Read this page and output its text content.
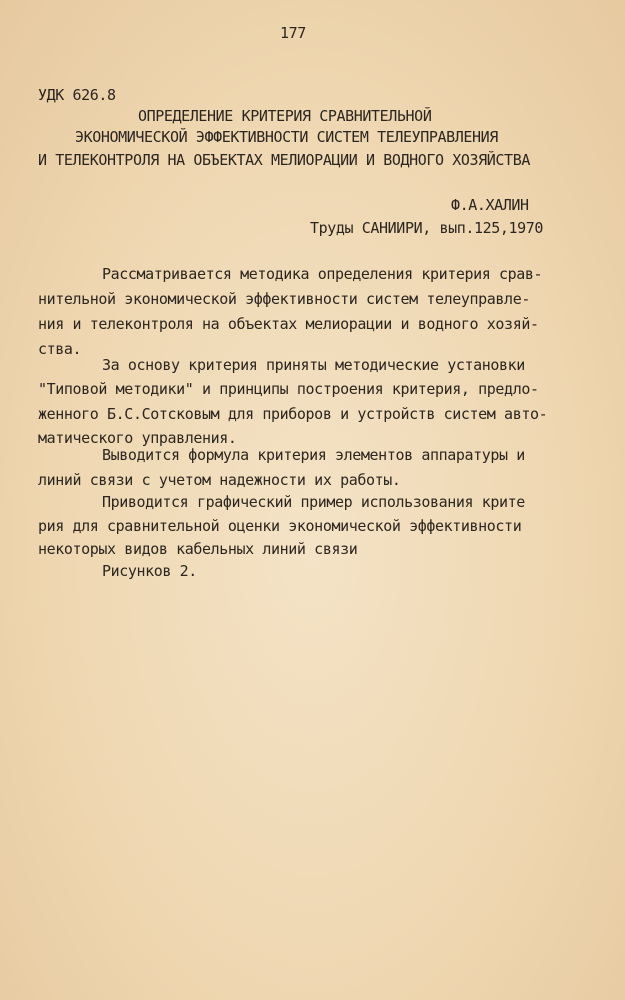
177
УДК 626.8
ОПРЕДЕЛЕНИЕ КРИТЕРИЯ СРАВНИТЕЛЬНОЙ
ЭКОНОМИЧЕСКОЙ ЭФФЕКТИВНОСТИ СИСТЕМ ТЕЛЕУПРАВЛЕНИЯ
И ТЕЛЕКОНТРОЛЯ НА ОБЪЕКТАХ МЕЛИОРАЦИИ И ВОДНОГО ХОЗЯЙСТВА
Ф.А.ХАЛИН
Труды САНИИРИ, вып.125,1970
Рассматривается методика определения критерия срав-
нительной экономической эффективности систем телеуправле-
ния и телеконтроля на объектах мелиорации и водного хозяй-
ства.
За основу критерия приняты методические установки
"Типовой методики" и принципы построения критерия, предло-
женного Б.С.Сотсковым для приборов и устройств систем авто-
матического управления.
Выводится формула критерия элементов аппаратуры и
линий связи с учетом надежности их работы.
Приводится графический пример использования крите
рия для сравнительной оценки экономической эффективности
некоторых видов кабельных линий связи
Рисунков 2.
